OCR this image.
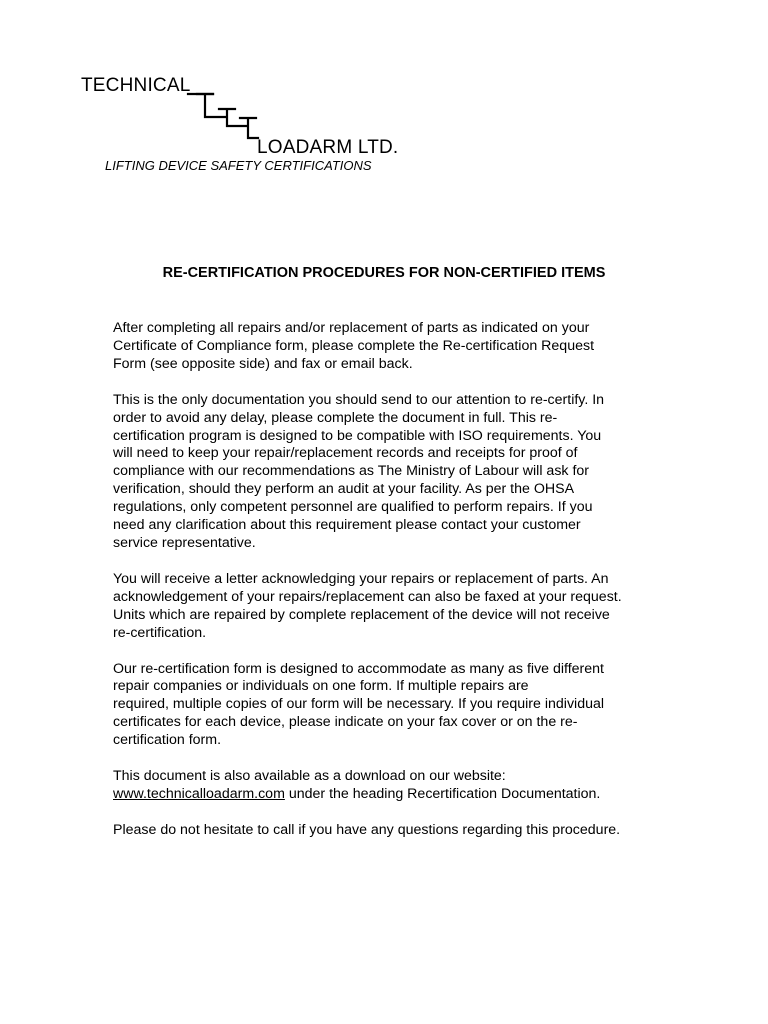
TECHNICAL
LOADARM LTD.
LIFTING DEVICE SAFETY CERTIFICATIONS
RE-CERTIFICATION PROCEDURES FOR NON-CERTIFIED ITEMS

After completing all repairs and/or replacement of parts as indicated on your
Certificate of Compliance form, please complete the Re-certification Request
Form (see opposite side) and fax or email back.

This is the only documentation you should send to our attention to re-certify. In
order to avoid any delay, please complete the document in full. This re-
certification program is designed to be compatible with ISO requirements. You
will need to keep your repair/replacement records and receipts for proof of
compliance with our recommendations as The Ministry of Labour will ask for
verification, should they perform an audit at your facility. As per the OHSA
regulations, only competent personnel are qualified to perform repairs. If you
need any clarification about this requirement please contact your customer
service representative.

You will receive a letter acknowledging your repairs or replacement of parts. An
acknowledgement of your repairs/replacement can also be faxed at your request.
Units which are repaired by complete replacement of the device will not receive
re-certification.

Our re-certification form is designed to accommodate as many as five different
repair companies or individuals on one form. If multiple repairs are
required, multiple copies of our form will be necessary. If you require individual
certificates for each device, please indicate on your fax cover or on the re-
certification form.

This document is also available as a download on our website:
www.technicalloadarm.com under the heading Recertification Documentation.

Please do not hesitate to call if you have any questions regarding this procedure.
